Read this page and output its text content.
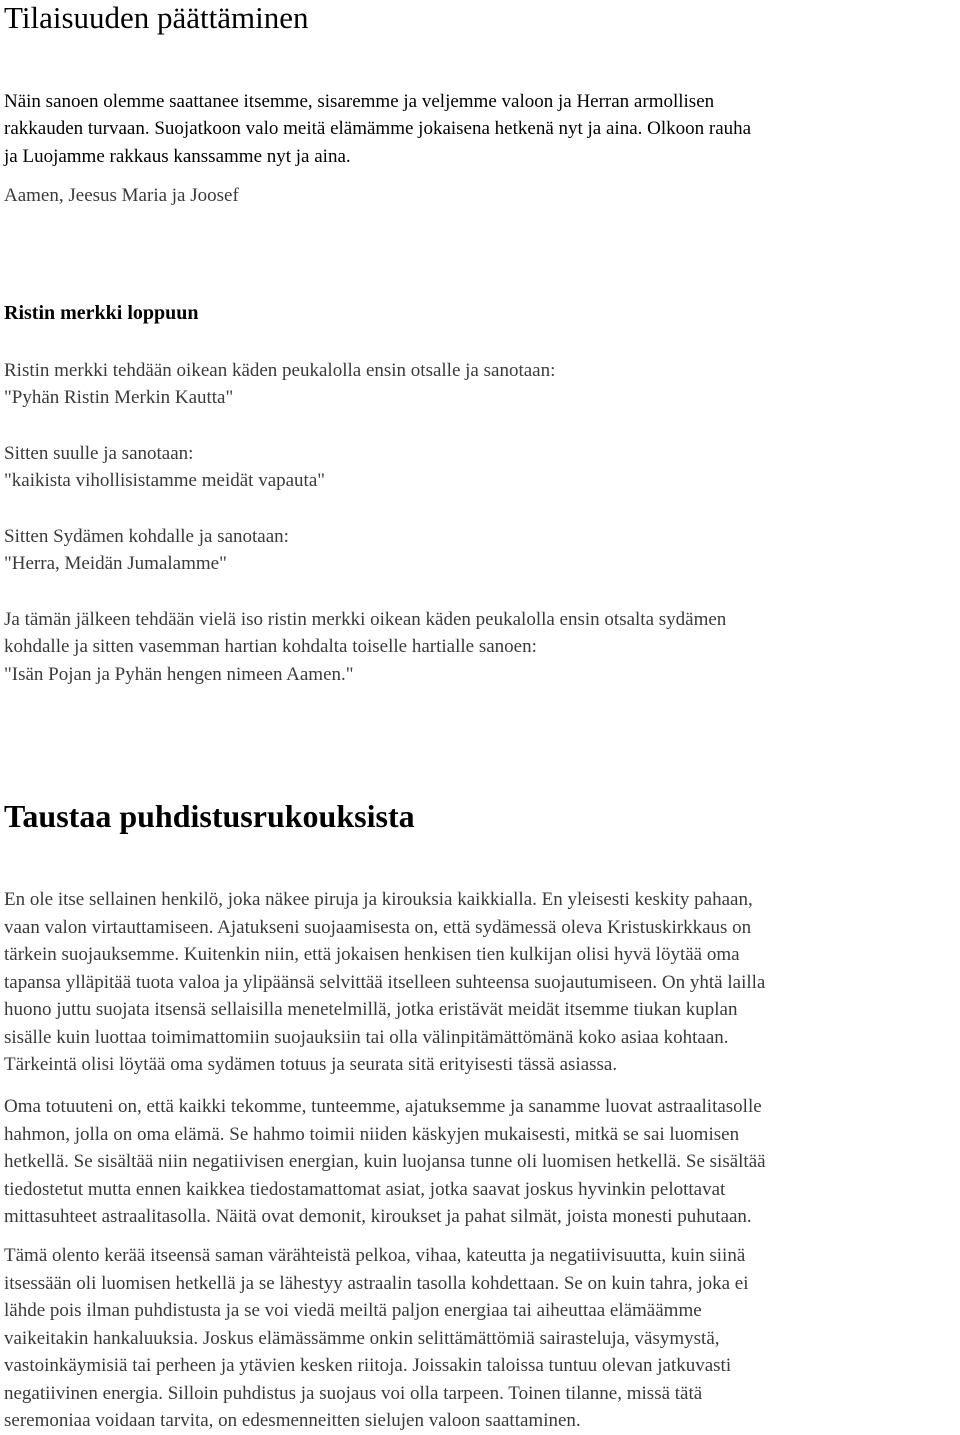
Tilaisuuden päättäminen
Näin sanoen olemme saattanee itsemme, sisaremme ja veljemme valoon ja Herran armollisen
rakkauden turvaan. Suojatkoon valo meitä elämämme jokaisena hetkenä nyt ja aina. Olkoon rauha
ja Luojamme rakkaus kanssamme nyt ja aina.
Aamen, Jeesus Maria ja Joosef
Ristin merkki loppuun
Ristin merkki tehdään oikean käden peukalolla ensin otsalle ja sanotaan:
"Pyhän Ristin Merkin Kautta"
Sitten suulle ja sanotaan:
"kaikista vihollisistamme meidät vapauta"
Sitten Sydämen kohdalle ja sanotaan:
"Herra, Meidän Jumalamme"
Ja tämän jälkeen tehdään vielä iso ristin merkki oikean käden peukalolla ensin otsalta sydämen
kohdalle ja sitten vasemman hartian kohdalta toiselle hartialle sanoen:
"Isän Pojan ja Pyhän hengen nimeen Aamen."
Taustaa puhdistusrukouksista
En ole itse sellainen henkilö, joka näkee piruja ja kirouksia kaikkialla. En yleisesti keskity pahaan,
vaan valon virtauttamiseen. Ajatukseni suojaamisesta on, että sydämessä oleva Kristuskirkkaus on
tärkein suojauksemme. Kuitenkin niin, että jokaisen henkisen tien kulkijan olisi hyvä löytää oma
tapansa ylläpitää tuota valoa ja ylipäänsä selvittää itselleen suhteensa suojautumiseen. On yhtä lailla
huono juttu suojata itsensä sellaisilla menetelmillä, jotka eristävät meidät itsemme tiukan kuplan
sisälle kuin luottaa toimimattomiin suojauksiin tai olla välinpitämättömänä koko asiaa kohtaan.
Tärkeintä olisi löytää oma sydämen totuus ja seurata sitä erityisesti tässä asiassa.
Oma totuuteni on, että kaikki tekomme, tunteemme, ajatuksemme ja sanamme luovat astraalitasolle
hahmon, jolla on oma elämä. Se hahmo toimii niiden käskyjen mukaisesti, mitkä se sai luomisen
hetkellä. Se sisältää niin negatiivisen energian, kuin luojansa tunne oli luomisen hetkellä. Se sisältää
tiedostetut mutta ennen kaikkea tiedostamattomat asiat, jotka saavat joskus hyvinkin pelottavat
mittasuhteet astraalitasolla. Näitä ovat demonit, kiroukset ja pahat silmät, joista monesti puhutaan.
Tämä olento kerää itseensä saman värähteistä pelkoa, vihaa, kateutta ja negatiivisuutta, kuin siinä
itsessään oli luomisen hetkellä ja se lähestyy astraalin tasolla kohdettaan. Se on kuin tahra, joka ei
lähde pois ilman puhdistusta ja se voi viedä meiltä paljon energiaa tai aiheuttaa elämäämme
vaikeitakin hankaluuksia. Joskus elämässämme onkin selittämättömiä sairasteluja, väsymystä,
vastoinkäymisiä tai perheen ja ytävien kesken riitoja. Joissakin taloissa tuntuu olevan jatkuvasti
negatiivinen energia. Silloin puhdistus ja suojaus voi olla tarpeen. Toinen tilanne, missä tätä
seremoniaa voidaan tarvita, on edesmenneitten sielujen valoon saattaminen.
